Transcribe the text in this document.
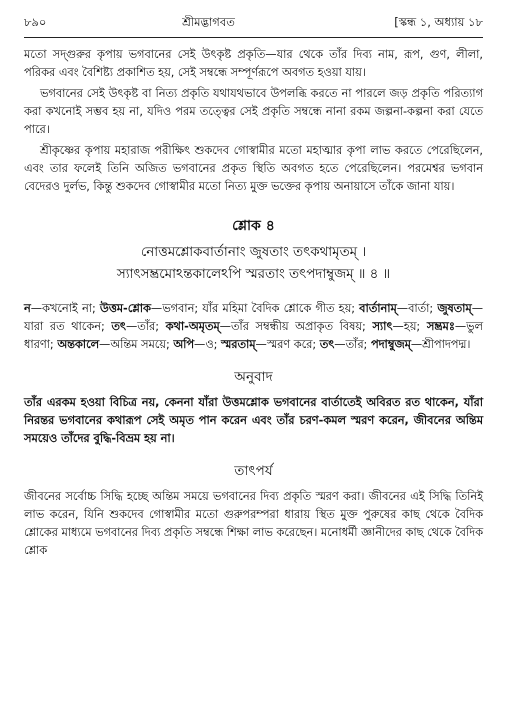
৮৯০	শ্রীমদ্ভাগবত	[স্কন্ধ ১, অধ্যায় ১৮

মতো সদ্গুরুর কৃপায় ভগবানের সেই উৎকৃষ্ট প্রকৃতি—যার থেকে তাঁর দিব্য নাম, রূপ, গুণ, লীলা, পরিকর এবং বৈশিষ্ট্য প্রকাশিত হয়, সেই সম্বন্ধে সম্পূর্ণরূপে অবগত হওয়া যায়।

ভগবানের সেই উৎকৃষ্ট বা নিত্য প্রকৃতি যথাযথভাবে উপলব্ধি করতে না পারলে জড় প্রকৃতি পরিত্যাগ করা কখনোই সম্ভব হয় না, যদিও পরম তত্ত্বের সেই প্রকৃতি সম্বন্ধে নানা রকম জল্পনা-কল্পনা করা যেতে পারে।

শ্রীকৃষ্ণের কৃপায় মহারাজ পরীক্ষিৎ শুকদেব গোস্বামীর মতো মহাত্মার কৃপা লাভ করতে পেরেছিলেন, এবং তার ফলেই তিনি অজিত ভগবানের প্রকৃত স্থিতি অবগত হতে পেরেছিলেন। পরমেশ্বর ভগবান বেদেরও দুর্লভ, কিন্তু শুকদেব গোস্বামীর মতো নিত্য মুক্ত ভক্তের কৃপায় অনায়াসে তাঁকে জানা যায়।

শ্লোক ৪
নোত্তমশ্লোকবার্তানাং জুষতাং তৎকথামৃতম্ ।
স্যাৎসম্ভ্রমোঽন্তকালেঽপি স্মরতাং তৎপদাম্বুজম্ ॥ ৪ ॥

ন—কখনোই না; উত্তম-শ্লোক—ভগবান; যাঁর মহিমা বৈদিক শ্লোকে গীত হয়; বার্তানাম্—বার্তা; জুষতাম্—যারা রত থাকেন; তৎ—তাঁর; কথা-অমৃতম্—তাঁর সম্বন্ধীয় অপ্রাকৃত বিষয়; স্যাৎ—হয়; সম্ভ্রমঃ—ভুল ধারণা; অন্তকালে—অন্তিম সময়ে; অপি—ও; স্মরতাম্—স্মরণ করে; তৎ—তাঁর; পদাম্বুজম্—শ্রীপাদপদ্ম।

অনুবাদ

তাঁর এরকম হওয়া বিচিত্র নয়, কেননা যাঁরা উত্তমশ্লোক ভগবানের বার্তাতেই অবিরত রত থাকেন, যাঁরা নিরন্তর ভগবানের কথারূপ সেই অমৃত পান করেন এবং তাঁর চরণ-কমল স্মরণ করেন, জীবনের অন্তিম সময়েও তাঁদের বুদ্ধি-বিভ্রম হয় না।

তাৎপর্য

জীবনের সর্বোচ্চ সিদ্ধি হচ্ছে অন্তিম সময়ে ভগবানের দিব্য প্রকৃতি স্মরণ করা। জীবনের এই সিদ্ধি তিনিই লাভ করেন, যিনি শুকদেব গোস্বামীর মতো গুরুপরম্পরা ধারায় স্থিত মুক্ত পুরুষের কাছ থেকে বৈদিক শ্লোকের মাধ্যমে ভগবানের দিব্য প্রকৃতি সম্বন্ধে শিক্ষা লাভ করেছেন। মনোধর্মী জ্ঞানীদের কাছ থেকে বৈদিক শ্লোক
